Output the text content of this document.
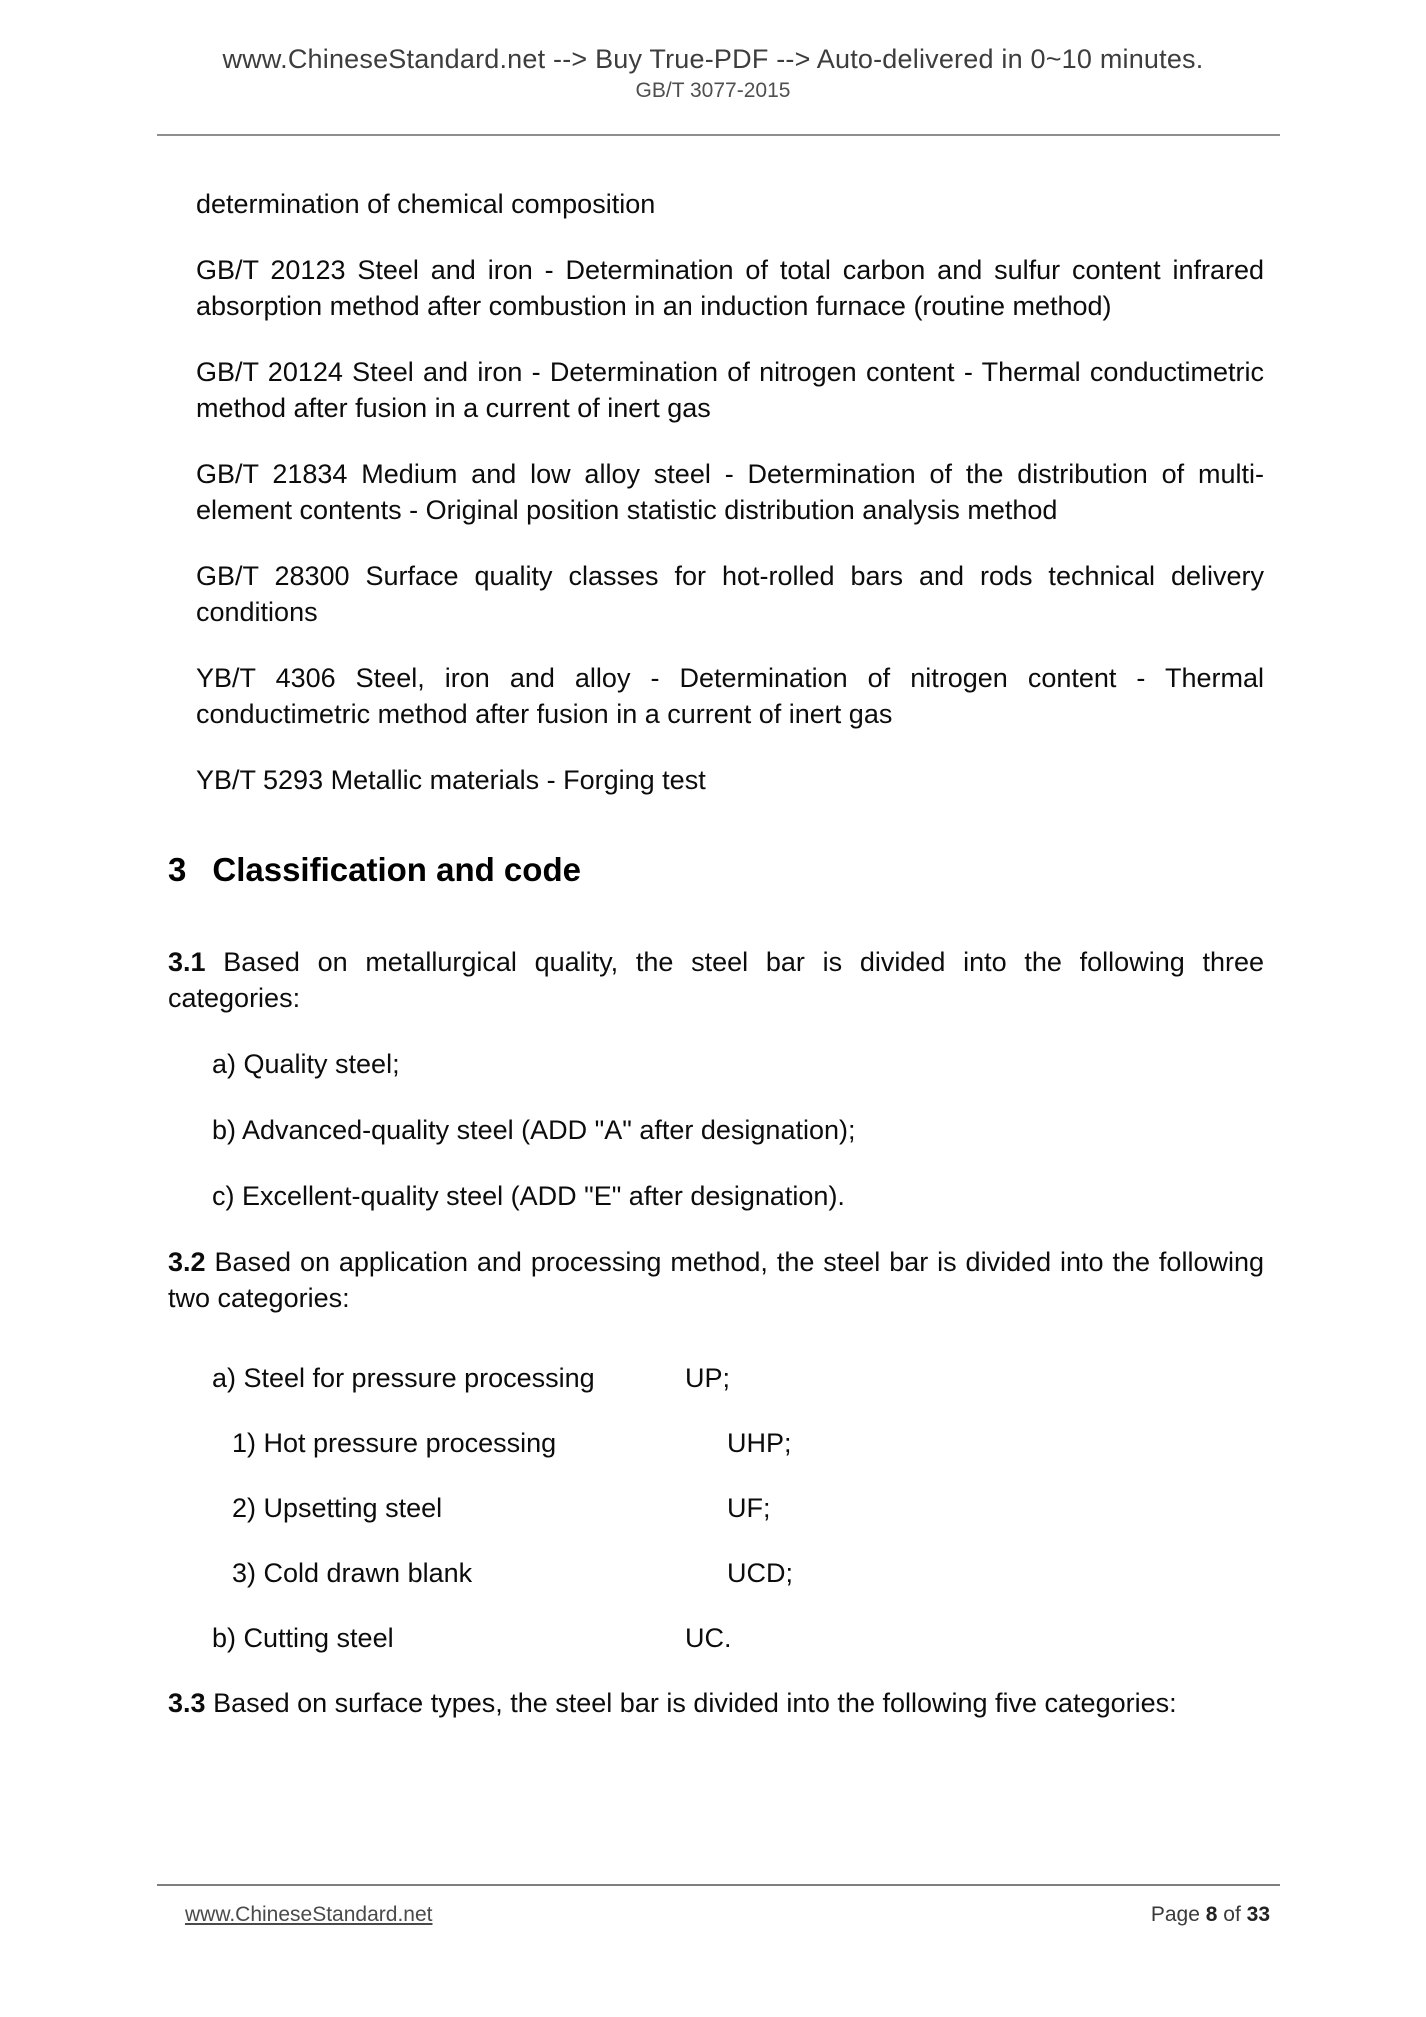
www.ChineseStandard.net --> Buy True-PDF --> Auto-delivered in 0~10 minutes.
GB/T 3077-2015

determination of chemical composition

GB/T 20123 Steel and iron - Determination of total carbon and sulfur content infrared absorption method after combustion in an induction furnace (routine method)

GB/T 20124 Steel and iron - Determination of nitrogen content - Thermal conductimetric method after fusion in a current of inert gas

GB/T 21834 Medium and low alloy steel - Determination of the distribution of multi-element contents - Original position statistic distribution analysis method

GB/T 28300 Surface quality classes for hot-rolled bars and rods technical delivery conditions

YB/T 4306 Steel, iron and alloy - Determination of nitrogen content - Thermal conductimetric method after fusion in a current of inert gas

YB/T 5293 Metallic materials - Forging test

3 Classification and code

3.1 Based on metallurgical quality, the steel bar is divided into the following three categories:

a) Quality steel;

b) Advanced-quality steel (ADD "A" after designation);

c) Excellent-quality steel (ADD "E" after designation).

3.2 Based on application and processing method, the steel bar is divided into the following two categories:

a) Steel for pressure processing	UP;
1) Hot pressure processing	UHP;
2) Upsetting steel	UF;
3) Cold drawn blank	UCD;
b) Cutting steel	UC.

3.3 Based on surface types, the steel bar is divided into the following five categories:

www.ChineseStandard.net	Page 8 of 33
